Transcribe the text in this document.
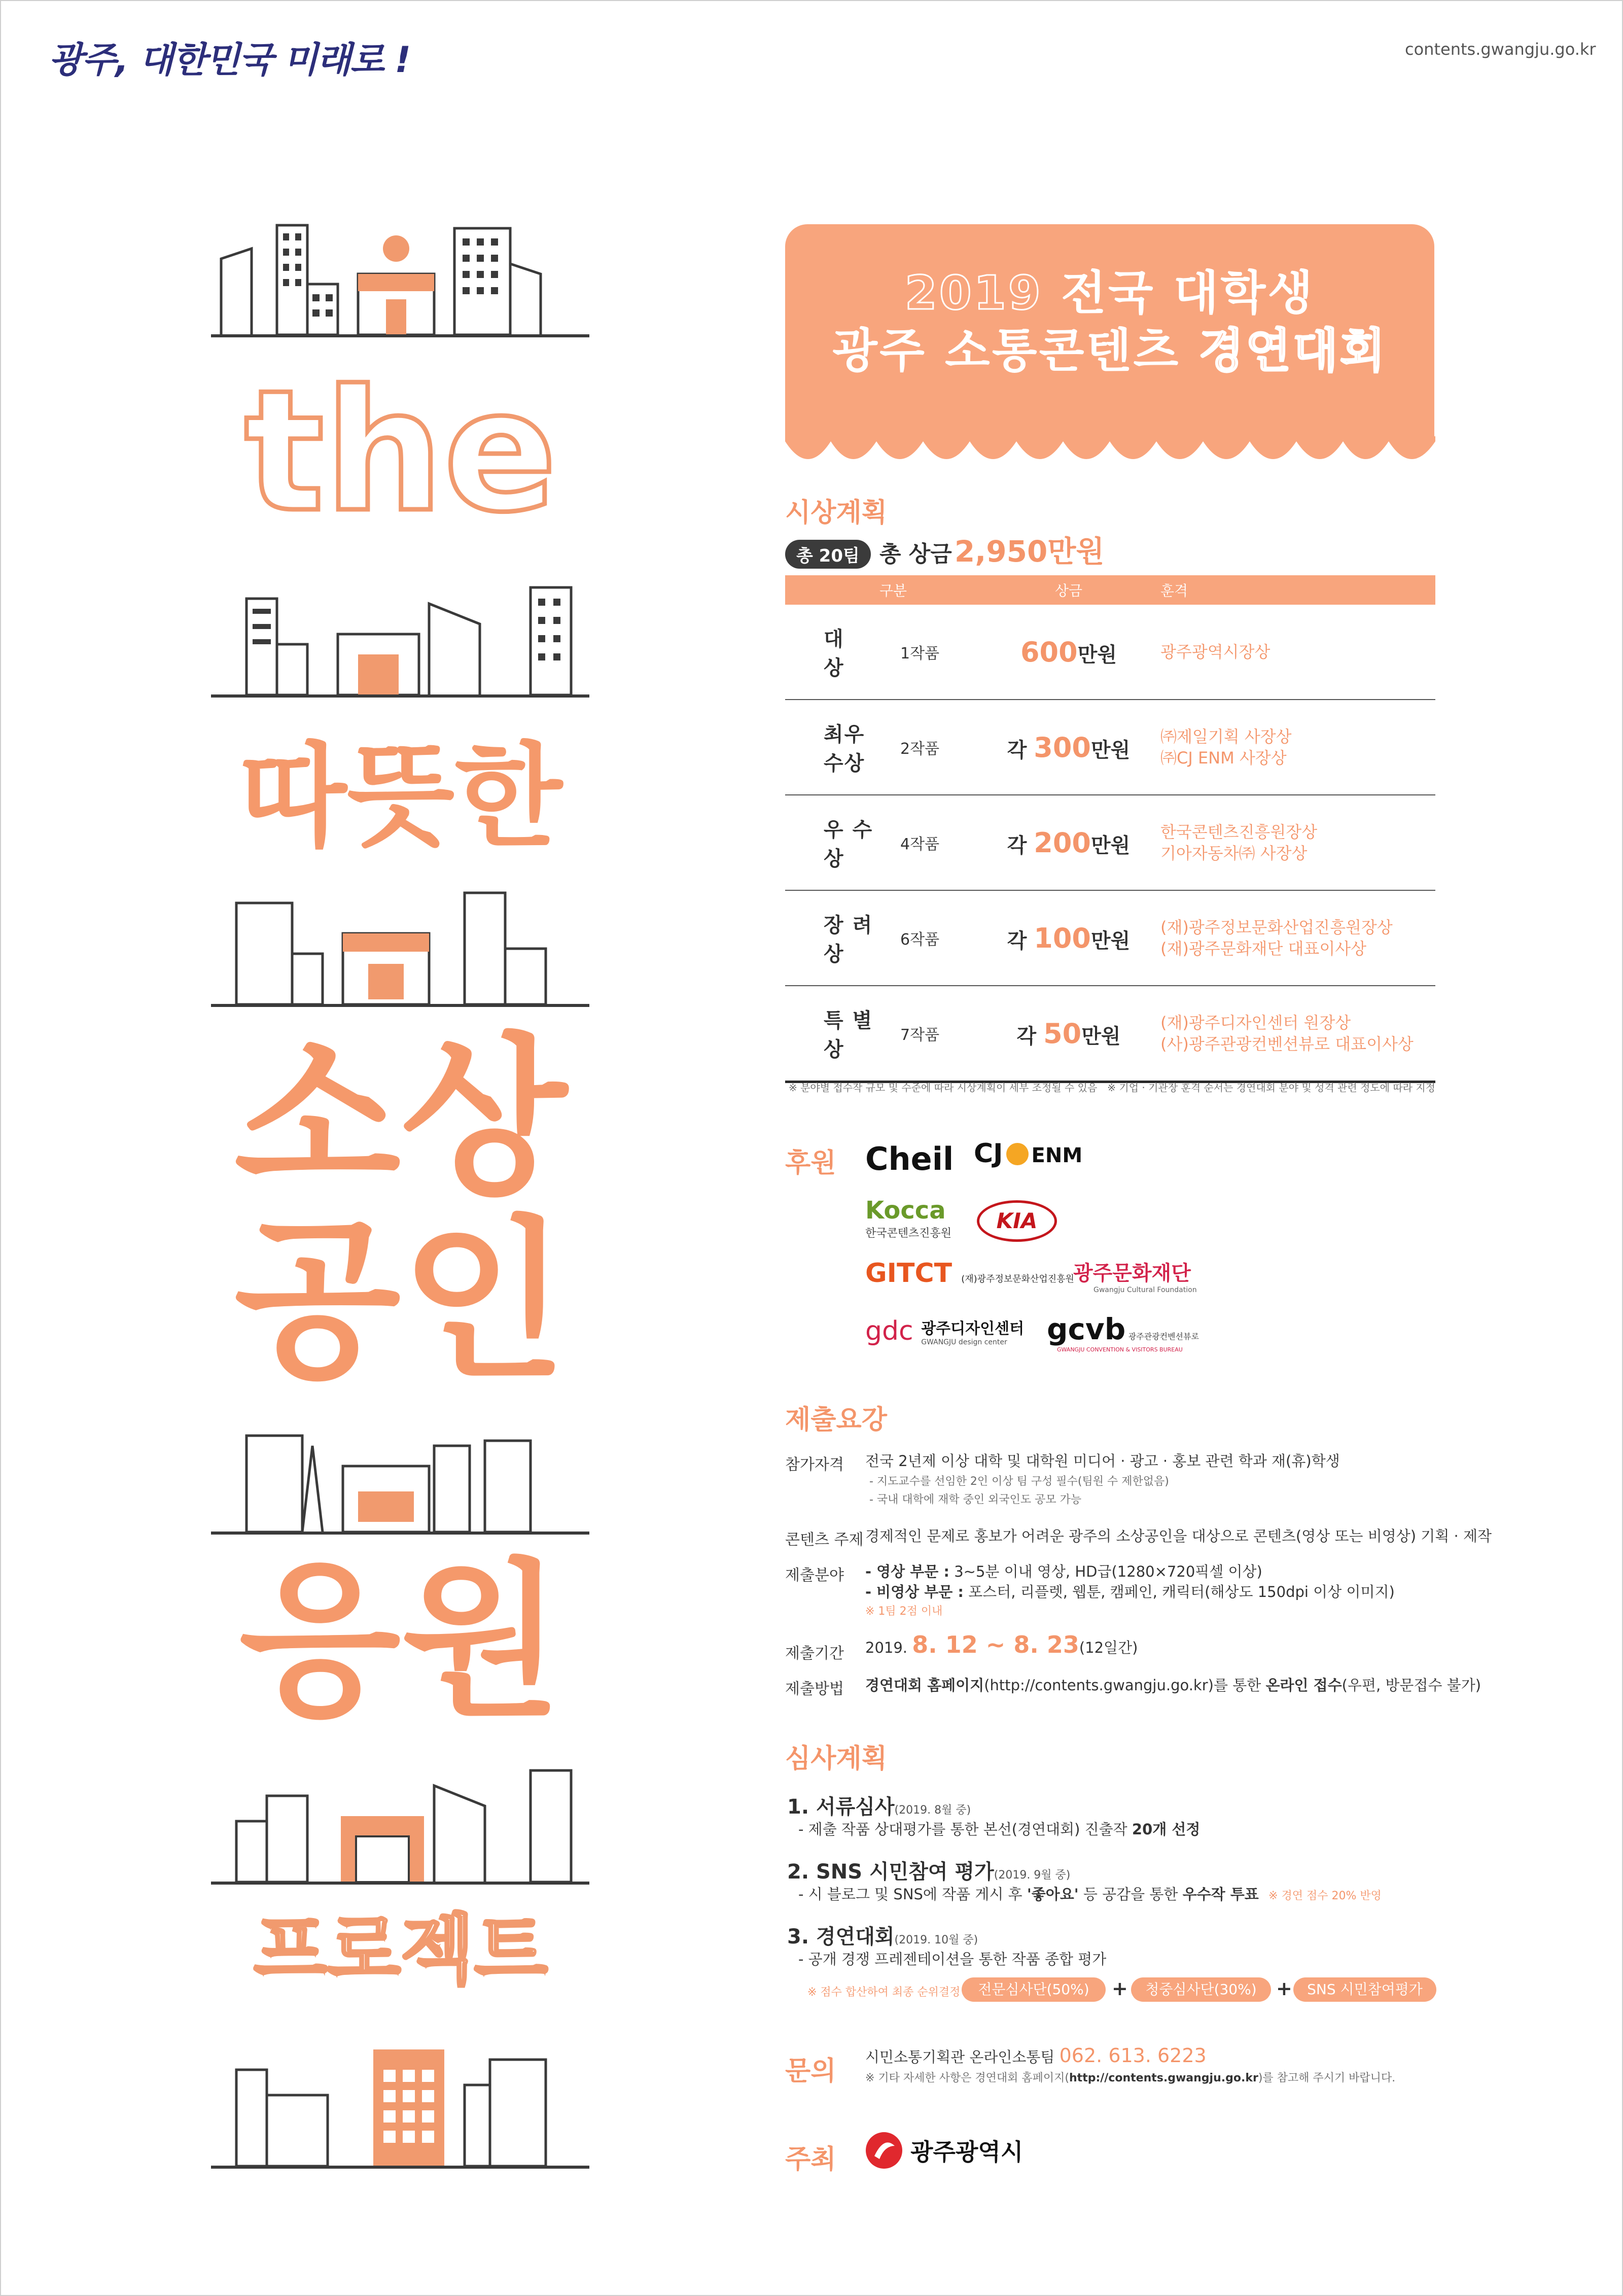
광주, 대한민국 미래로 !	contents.gwangju.go.kr
the
따뜻한
소상
공인
응원
프로젝트
2019 전국 대학생
광주 소통콘텐츠 경연대회
시상계획
총 20팀 총 상금 2,950만원
구분		상금	훈격
대　상	1작품	600만원	광주광역시장상

최우수상	2작품	각 300만원	㈜제일기획 사장상
㈜CJ ENM 사장상

우 수 상	4작품	각 200만원	한국콘텐츠진흥원장상
기아자동차㈜ 사장상

장 려 상	6작품	각 100만원	(재)광주정보문화산업진흥원장상
(재)광주문화재단 대표이사상

특 별 상	7작품	각 50만원	(재)광주디자인센터 원장상
(사)광주관광컨벤션뷰로 대표이사상
※ 분야별 접수작 규모 및 수준에 따라 시상계획이 세부 조정될 수 있음　※ 기업 · 기관장 훈격 순서는 경연대회 분야 및 성격 관련 정도에 따라 지정
후원 Cheil CJ ENM
Kocca
한국콘텐츠진흥원
KIA
GITCT (재)광주정보문화산업진흥원
광주문화재단
Gwangju Cultural Foundation
gdc 광주디자인센터
GWANGJU design center	gcvb 광주관광컨벤션뷰로
GWANGJU CONVENTION & VISITORS BUREAU
제출요강
참가자격 전국 2년제 이상 대학 및 대학원 미디어 · 광고 · 홍보 관련 학과 재(휴)학생
- 지도교수를 선임한 2인 이상 팀 구성 필수(팀원 수 제한없음)
- 국내 대학에 재학 중인 외국인도 공모 가능
콘텐츠 주제 경제적인 문제로 홍보가 어려운 광주의 소상공인을 대상으로 콘텐츠(영상 또는 비영상) 기획 · 제작
제출분야 - 영상 부문 : 3~5분 이내 영상, HD급(1280×720픽셀 이상)
- 비영상 부문 : 포스터, 리플렛, 웹툰, 캠페인, 캐릭터(해상도 150dpi 이상 이미지)
※ 1팀 2점 이내
제출기간 2019. 8. 12 ~ 8. 23(12일간)
제출방법 경연대회 홈페이지(http://contents.gwangju.go.kr)를 통한 온라인 접수(우편, 방문접수 불가)
심사계획
1. 서류심사(2019. 8월 중)
- 제출 작품 상대평가를 통한 본선(경연대회) 진출작 20개 선정
2. SNS 시민참여 평가(2019. 9월 중)
- 시 블로그 및 SNS에 작품 게시 후 '좋아요' 등 공감을 통한 우수작 투표 ※ 경연 점수 20% 반영
3. 경연대회(2019. 10월 중)
- 공개 경쟁 프레젠테이션을 통한 작품 종합 평가
※ 점수 합산하여 최종 순위결정	전문심사단(50%)	+	청중심사단(30%)	+	SNS 시민참여평가(20%)
문의 시민소통기획관 온라인소통팀 062. 613. 6223
※ 기타 자세한 사항은 경연대회 홈페이지(http://contents.gwangju.go.kr)를 참고해 주시기 바랍니다.
주최	광주광역시
